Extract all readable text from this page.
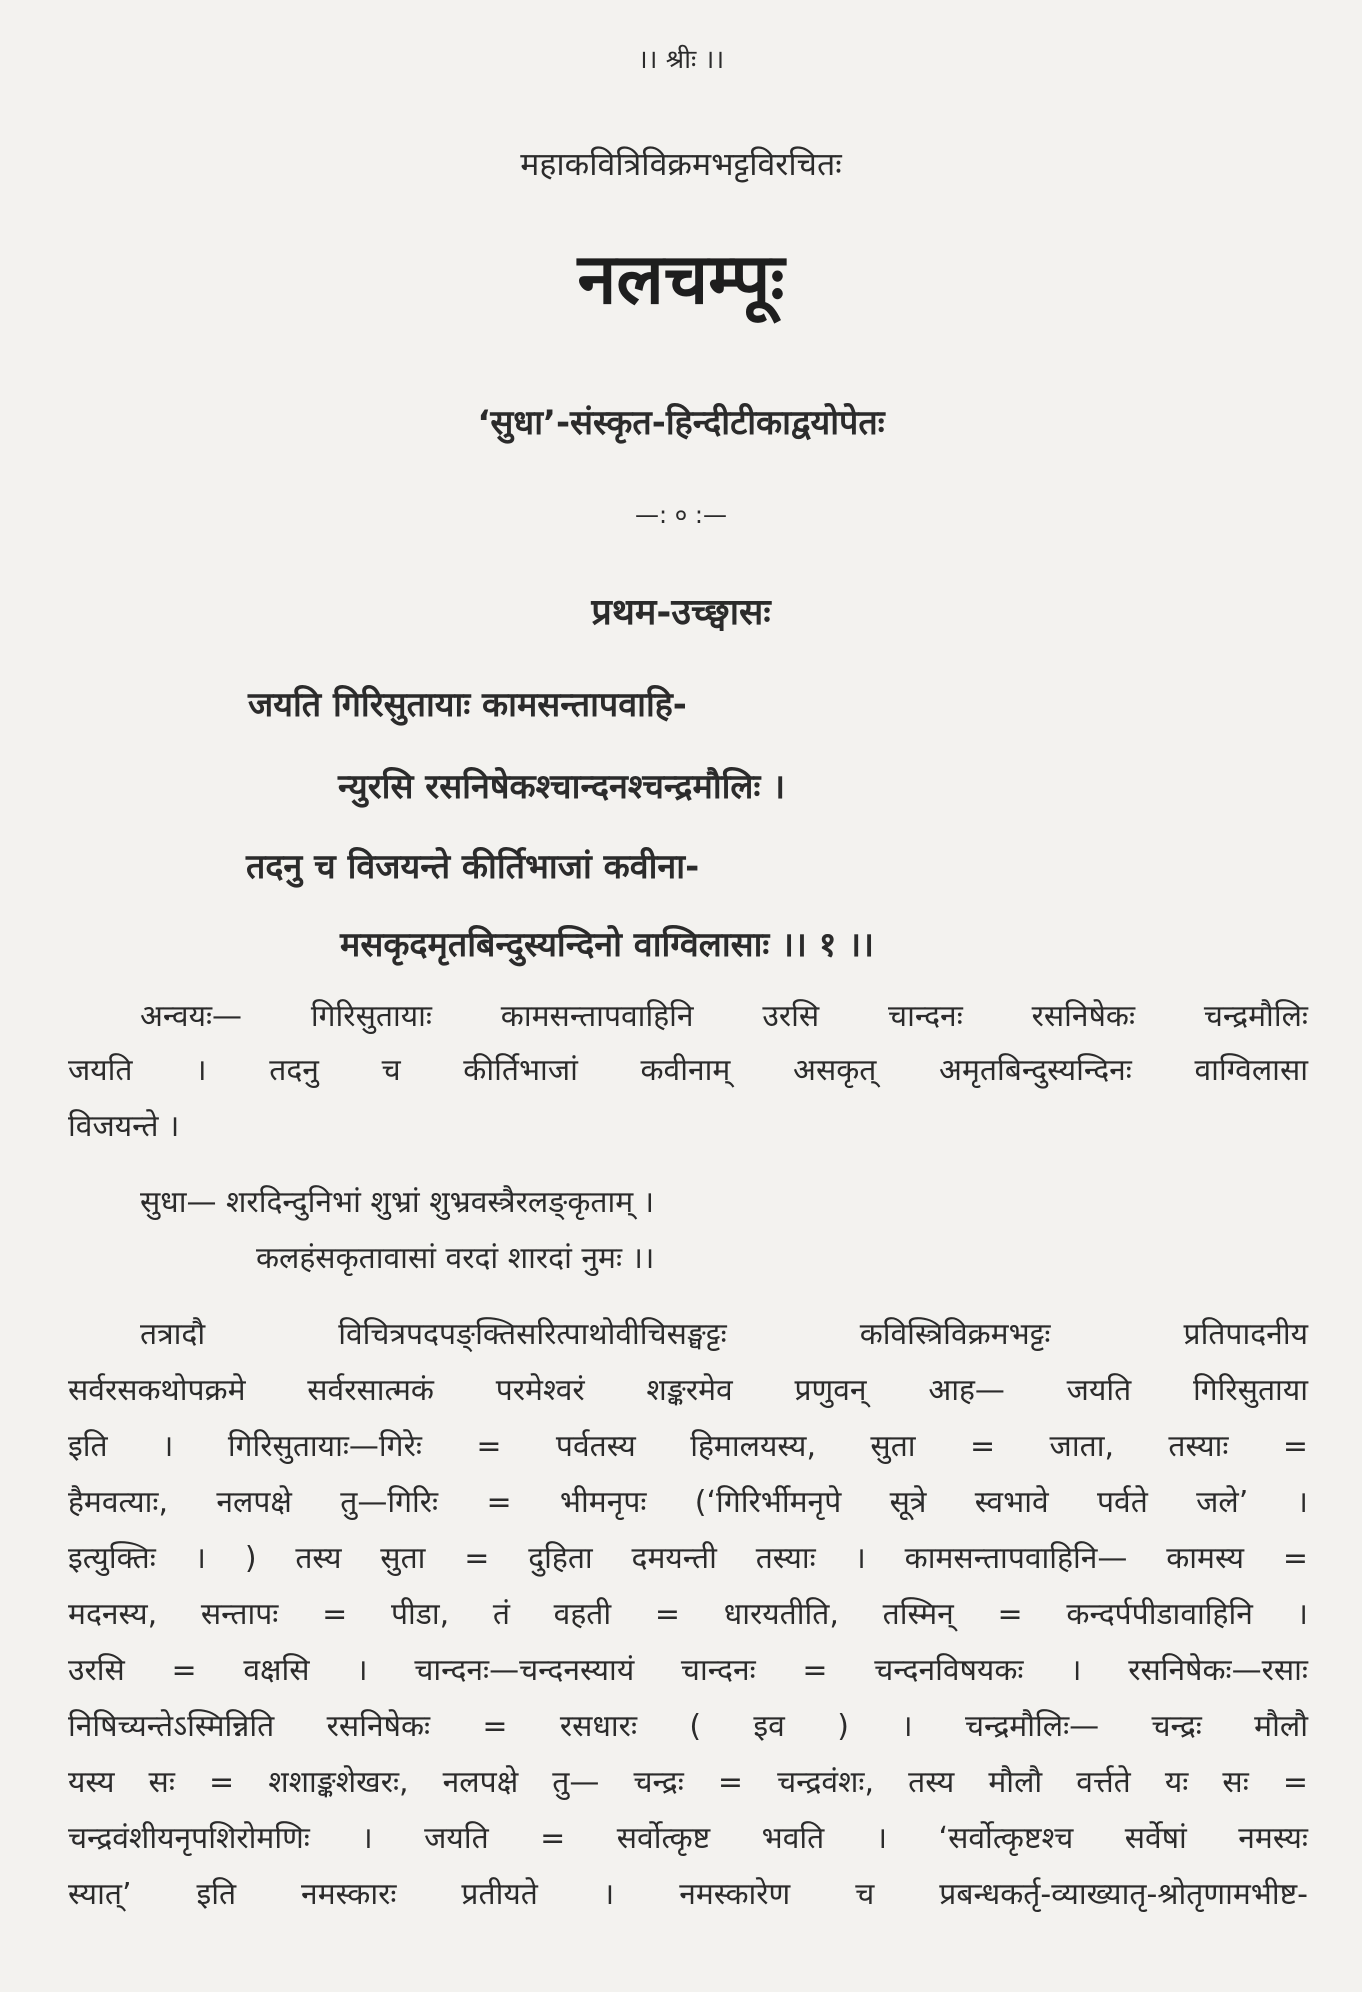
।। श्रीः ।।
महाकवित्रिविक्रमभट्टविरचितः
नलचम्पूः
‘सुधा’-संस्कृत-हिन्दीटीकाद्वयोपेतः
—: ० :—
प्रथम-उच्छ्वासः
जयति गिरिसुतायाः कामसन्तापवाहि-
न्युरसि रसनिषेकश्चान्दनश्चन्द्रमौलिः ।
तदनु च विजयन्ते कीर्तिभाजां कवीना-
मसकृदमृतबिन्दुस्यन्दिनो वाग्विलासाः ।। १ ।।
अन्वयः— गिरिसुतायाः कामसन्तापवाहिनि उरसि चान्दनः रसनिषेकः चन्द्रमौलिः
जयति । तदनु च कीर्तिभाजां कवीनाम् असकृत् अमृतबिन्दुस्यन्दिनः वाग्विलासा
विजयन्ते ।
सुधा— शरदिन्दुनिभां शुभ्रां शुभ्रवस्त्रैरलङ्कृताम् ।
कलहंसकृतावासां वरदां शारदां नुमः ।।
तत्रादौ विचित्रपदपङ्क्तिसरित्पाथोवीचिसङ्घट्टः कविस्त्रिविक्रमभट्टः प्रतिपादनीय
सर्वरसकथोपक्रमे सर्वरसात्मकं परमेश्वरं शङ्करमेव प्रणुवन् आह— जयति गिरिसुताया
इति । गिरिसुतायाः—गिरेः = पर्वतस्य हिमालयस्य, सुता = जाता, तस्याः =
हैमवत्याः, नलपक्षे तु—गिरिः = भीमनृपः (‘गिरिर्भीमनृपे सूत्रे स्वभावे पर्वते जले’ ।
इत्युक्तिः । ) तस्य सुता = दुहिता दमयन्ती तस्याः । कामसन्तापवाहिनि— कामस्य =
मदनस्य, सन्तापः = पीडा, तं वहती = धारयतीति, तस्मिन् = कन्दर्पपीडावाहिनि ।
उरसि = वक्षसि । चान्दनः—चन्दनस्यायं चान्दनः = चन्दनविषयकः । रसनिषेकः—रसाः
निषिच्यन्तेऽस्मिन्निति रसनिषेकः = रसधारः ( इव ) । चन्द्रमौलिः— चन्द्रः मौलौ
यस्य सः = शशाङ्कशेखरः, नलपक्षे तु— चन्द्रः = चन्द्रवंशः, तस्य मौलौ वर्त्तते यः सः =
चन्द्रवंशीयनृपशिरोमणिः । जयति = सर्वोत्कृष्ट भवति । ‘सर्वोत्कृष्टश्च सर्वेषां नमस्यः
स्यात्’ इति नमस्कारः प्रतीयते । नमस्कारेण च प्रबन्धकर्तृ-व्याख्यातृ-श्रोतृणामभीष्ट-
